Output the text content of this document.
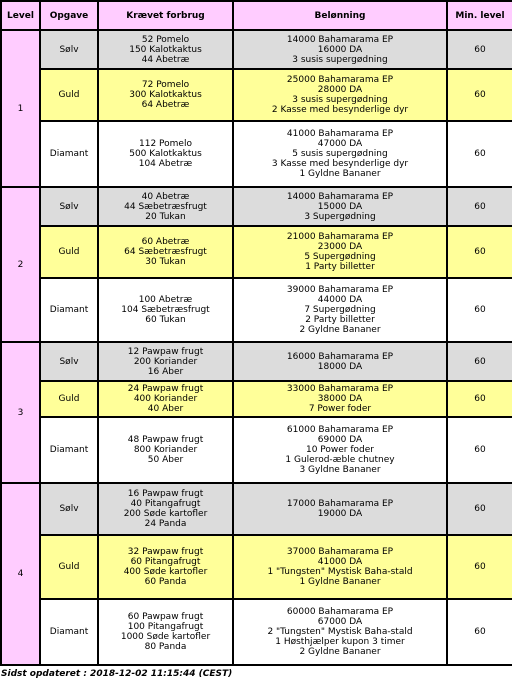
Level	Opgave	Krævet forbrug	Belønning	Min. level
1	Sølv	52 Pomelo
150 Kalotkaktus
44 Abetræ	14000 Bahamarama EP
16000 DA
3 susis supergødning	60
	Guld	72 Pomelo
300 Kalotkaktus
64 Abetræ	25000 Bahamarama EP
28000 DA
3 susis supergødning
2 Kasse med besynderlige dyr	60
	Diamant	112 Pomelo
500 Kalotkaktus
104 Abetræ	41000 Bahamarama EP
47000 DA
5 susis supergødning
3 Kasse med besynderlige dyr
1 Gyldne Bananer	60
2	Sølv	40 Abetræ
44 Sæbetræsfrugt
20 Tukan	14000 Bahamarama EP
15000 DA
3 Supergødning	60
	Guld	60 Abetræ
64 Sæbetræsfrugt
30 Tukan	21000 Bahamarama EP
23000 DA
5 Supergødning
1 Party billetter	60
	Diamant	100 Abetræ
104 Sæbetræsfrugt
60 Tukan	39000 Bahamarama EP
44000 DA
7 Supergødning
2 Party billetter
2 Gyldne Bananer	60
3	Sølv	12 Pawpaw frugt
200 Koriander
16 Aber	16000 Bahamarama EP
18000 DA	60
	Guld	24 Pawpaw frugt
400 Koriander
40 Aber	33000 Bahamarama EP
38000 DA
7 Power foder	60
	Diamant	48 Pawpaw frugt
800 Koriander
50 Aber	61000 Bahamarama EP
69000 DA
10 Power foder
1 Gulerod-æble chutney
3 Gyldne Bananer	60
4	Sølv	16 Pawpaw frugt
40 Pitangafrugt
200 Søde kartofler
24 Panda	17000 Bahamarama EP
19000 DA	60
	Guld	32 Pawpaw frugt
60 Pitangafrugt
400 Søde kartofler
60 Panda	37000 Bahamarama EP
41000 DA
1 "Tungsten" Mystisk Baha-stald
1 Gyldne Bananer	60
	Diamant	60 Pawpaw frugt
100 Pitangafrugt
1000 Søde kartofler
80 Panda	60000 Bahamarama EP
67000 DA
2 "Tungsten" Mystisk Baha-stald
1 Høsthjælper kupon 3 timer
2 Gyldne Bananer	60
Sidst opdateret : 2018-12-02 11:15:44 (CEST)
